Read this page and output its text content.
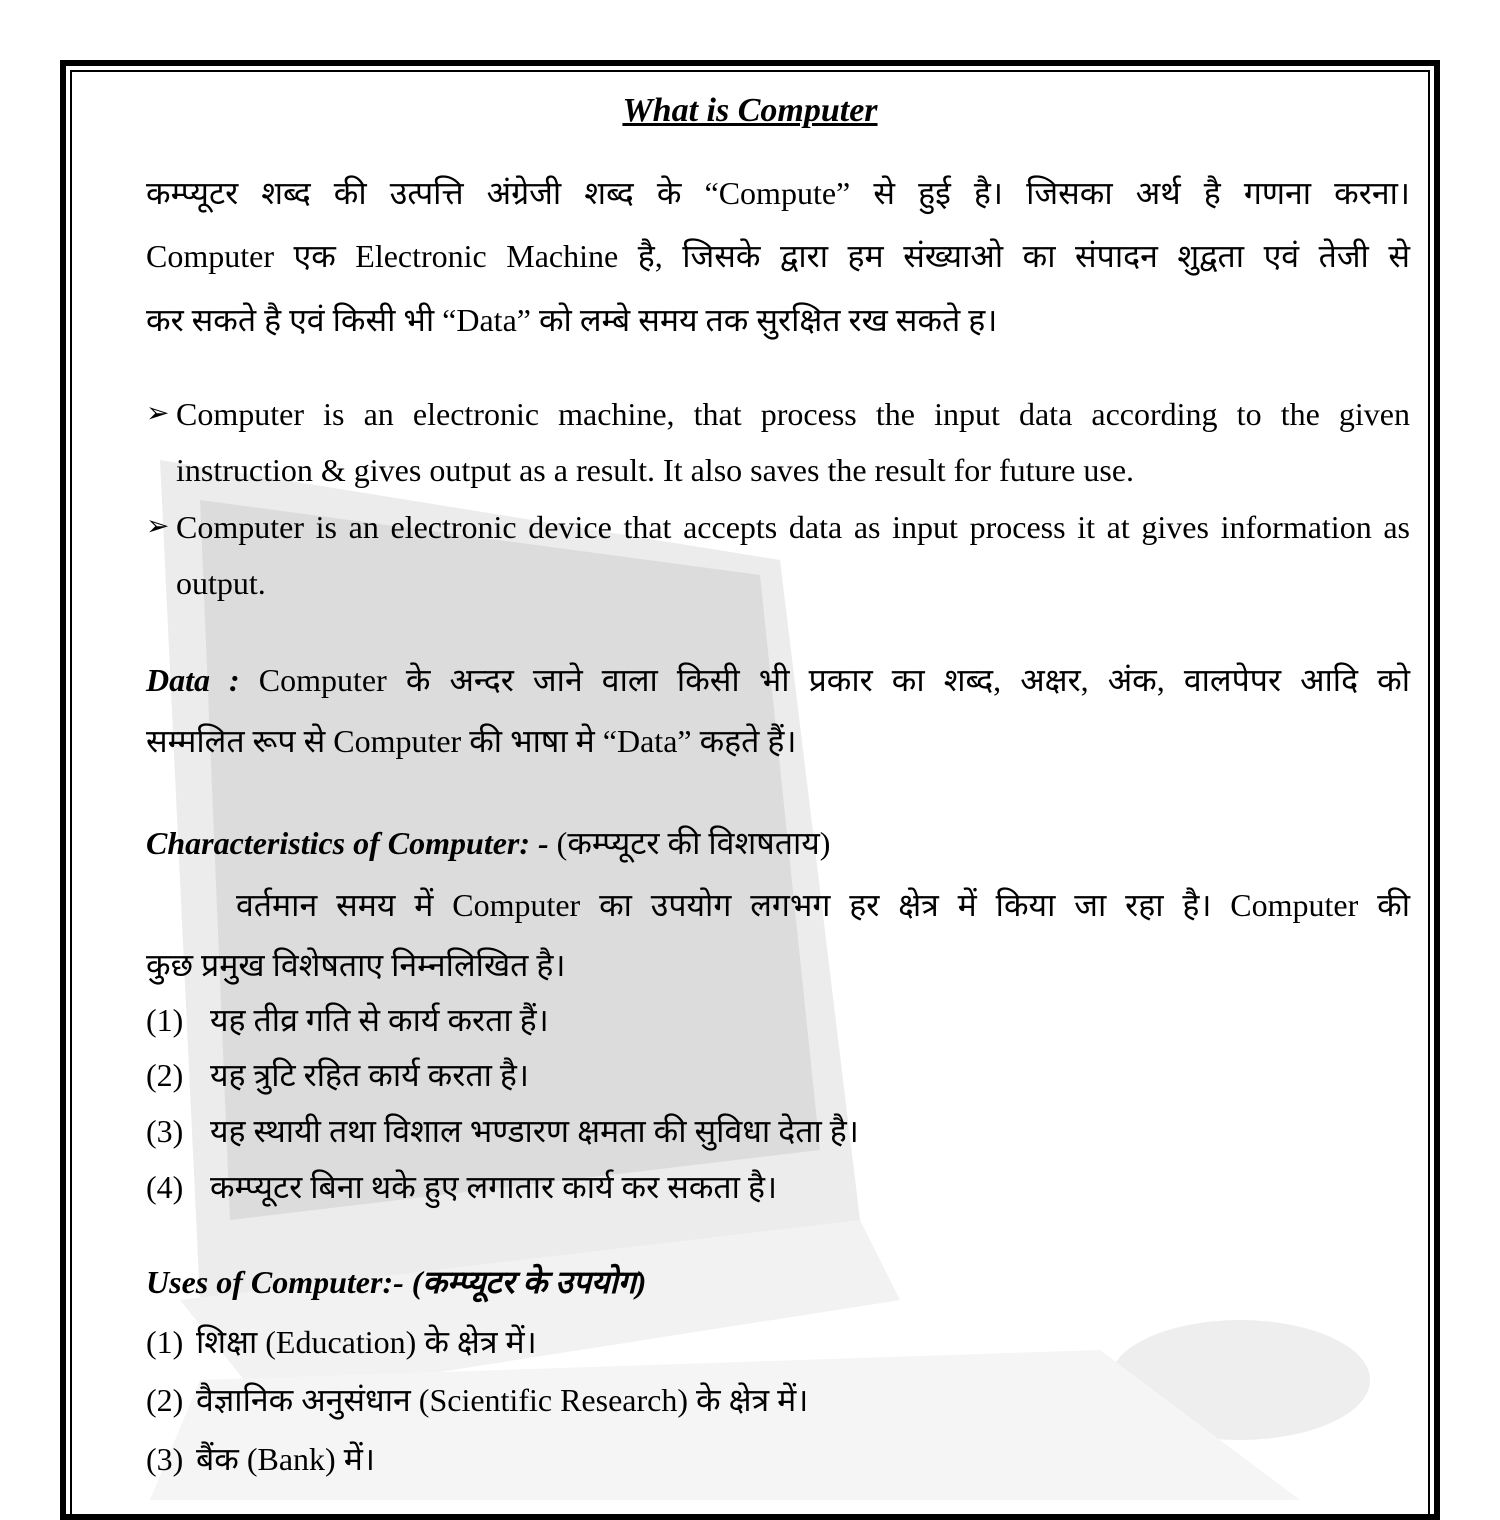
What is Computer
कम्प्यूटर शब्द की उत्पत्ति अंग्रेजी शब्द के “Compute” से हुई है। जिसका अर्थ है गणना करना।
Computer एक Electronic Machine है, जिसके द्वारा हम संख्याओ का संपादन शुद्वता एवं तेजी से
कर सकते है एवं किसी भी “Data” को लम्बे समय तक सुरक्षित रख सकते ह।
➢ Computer is an electronic machine, that process the input data according to the given
instruction & gives output as a result. It also saves the result for future use.
➢ Computer is an electronic device that accepts data as input process it at gives information as
output.
Data : Computer के अन्दर जाने वाला किसी भी प्रकार का शब्द, अक्षर, अंक, वालपेपर आदि को
सम्मलित रूप से Computer की भाषा मे “Data” कहते हैं।
Characteristics of Computer: - (कम्प्यूटर की विशषताय)
वर्तमान समय में Computer का उपयोग लगभग हर क्षेत्र में किया जा रहा है। Computer की
कुछ प्रमुख विशेषताए निम्नलिखित है।
(1) यह तीव्र गति से कार्य करता हैं।
(2) यह त्रुटि रहित कार्य करता है।
(3) यह स्थायी तथा विशाल भण्डारण क्षमता की सुविधा देता है।
(4) कम्प्यूटर बिना थके हुए लगातार कार्य कर सकता है।
Uses of Computer:- (कम्प्यूटर के उपयोग)
(1) शिक्षा (Education) के क्षेत्र में।
(2) वैज्ञानिक अनुसंधान (Scientific Research) के क्षेत्र में।
(3) बैंक (Bank) में।
